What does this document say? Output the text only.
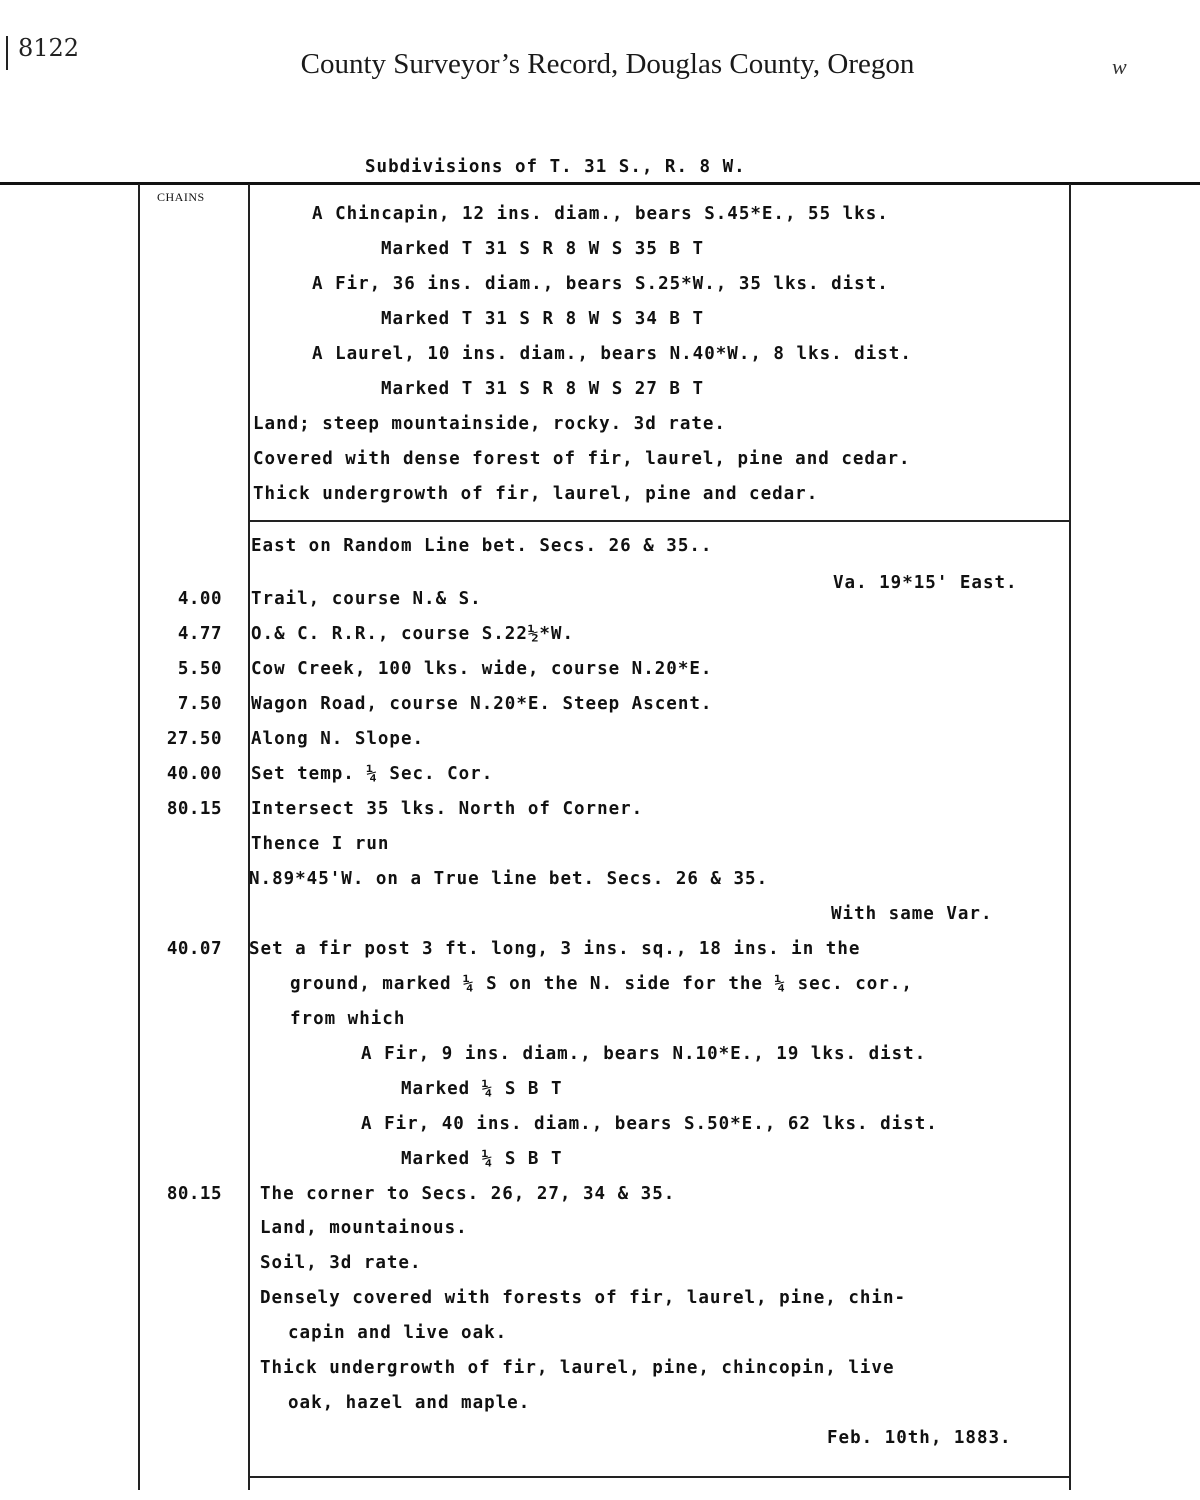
8122	County Surveyor’s Record, Douglas County, Oregon	w
Subdivisions of T. 31 S., R. 8 W.
CHAINS
A Chincapin, 12 ins. diam., bears S.45*E., 55 lks.
Marked T 31 S R 8 W S 35 B T
A Fir, 36 ins. diam., bears S.25*W., 35 lks. dist.
Marked T 31 S R 8 W S 34 B T
A Laurel, 10 ins. diam., bears N.40*W., 8 lks. dist.
Marked T 31 S R 8 W S 27 B T
Land; steep mountainside, rocky. 3d rate.
Covered with dense forest of fir, laurel, pine and cedar.
Thick undergrowth of fir, laurel, pine and cedar.
East on Random Line bet. Secs. 26 & 35..
Va. 19*15' East.
Trail, course N.& S.
O.& C. R.R., course S.22½*W.
Cow Creek, 100 lks. wide, course N.20*E.
Wagon Road, course N.20*E. Steep Ascent.
Along N. Slope.
Set temp. ¼ Sec. Cor.
Intersect 35 lks. North of Corner.
Thence I run
N.89*45'W. on a True line bet. Secs. 26 & 35.
With same Var.
Set a fir post 3 ft. long, 3 ins. sq., 18 ins. in the
ground, marked ¼ S on the N. side for the ¼ sec. cor.,
from which
A Fir, 9 ins. diam., bears N.10*E., 19 lks. dist.
Marked ¼ S B T
A Fir, 40 ins. diam., bears S.50*E., 62 lks. dist.
Marked ¼ S B T
The corner to Secs. 26, 27, 34 & 35.
Land, mountainous.
Soil, 3d rate.
Densely covered with forests of fir, laurel, pine, chin-
capin and live oak.
Thick undergrowth of fir, laurel, pine, chincopin, live
oak, hazel and maple.
Feb. 10th, 1883.
4.00
4.77
5.50
7.50
27.50
40.00
80.15
40.07
80.15
